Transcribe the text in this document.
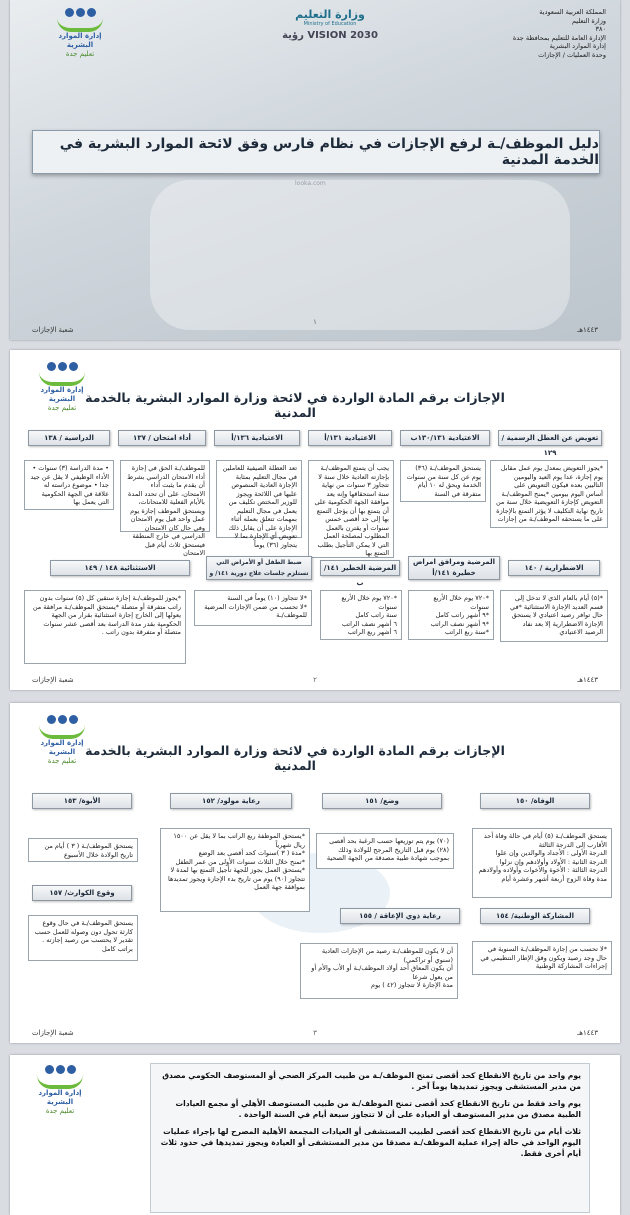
المملكة العربية السعودية
وزارة التعليم
٣٨٠
الإدارة العامة للتعليم بمحافظة جدة
إدارة الموارد البشرية
وحدة العمليات / الإجازات
وزارة التعليم
Ministry of Education
رؤية VISION 2030
إدارة الموارد البشرية
تعليم جدة
دليل الموظف/ـة لرفع الإجازات في نظام فارس وفق لائحة الموارد البشرية في الخدمة المدنية
looka.com
١
١٤٤٣هـ
شعبة الإجازات
إدارة الموارد البشرية
تعليم جدة
الإجازات برقم المادة الواردة في لائحة وزارة الموارد البشرية بالخدمة المدنية
تعويض عن العطل الرسمية / ١٢٩
الاعتيادية ١٣٠/١٣١ب
الاعتيادية ١٣١/أ
الاعتيادية ١٣٦/أ
أداء امتحان / ١٣٧
الدراسية / ١٣٨
*يجوز التعويض بمعدل يوم عمل مقابل يوم إجازة، عدا يوم العيد واليومين التاليين بعده فيكون التعويض على أساس اليوم بيومين *يمنح الموظف/ـة التعويض كإجازة التعويضية خلال سنة من تاريخ نهاية التكليف لا يؤثر التمتع بالإجازة على ما يستحقه الموظف/ـة من إجازات
يستحق الموظف/ـة (٣٦) يوم عن كل سنة من سنوات الخدمة ويحق له ١٠ أيام متفرقة في السنة
يجب أن يتمتع الموظف/ـة بإجازته العادية خلال سنة لا تتجاوز ٣ سنوات من نهاية سنة استحقاقها وإنه يعد موافقة الجهة الحكومية على أن يتمتع بها أن يؤجل التمتع بها إلى حد أقصى خمس سنوات أو يقترن بالعمل المطلوب لمصلحة العمل التي لا يمكن التأجيل بطلب التمتع بها
تعد العطلة الصيفية للعاملين في مجال التعليم بمثابة الإجازة العادية المنصوص عليها في اللائحة ويجوز للوزير المختص تكليف من يعمل في مجال التعليم بمهمات تتعلق بعمله أثناء الإجازة على أن يقابل ذلك تعويض أي الإجازة بما لا يتجاوز (٣٦) يوماً
للموظف/ـة الحق في إجازة أداء الامتحان الدراسي بشرط أن يقدم ما يثبت أداء الامتحان، على أن تحدد المدة بالأيام الفعلية للامتحانات، ويستحق الموظف إجازة يوم عمل واحد قبل يوم الامتحان وفي حال كان الامتحان الدراسي في خارج المنطقة فيستحق ثلاث أيام قبل الامتحان
• مدة الدراسة (٣) سنوات • الأداء الوظيفي لا يقل عن جيد جدا • موضوع دراسته له علاقة في الجهة الحكومية التي يعمل بها
الاضطرارية / ١٤٠
المرضية ومرافق امراض خطيرة ١٤١/أ
المرضية الخطير ١٤١/ب
ضبط الطفل أو الأمراض التي تستلزم جلسات علاج دورية ١٤١/ و
الاستثنائية ١٤٨ / ١٤٩
*(٥) أيام بالعام الذي لا تدخل إلى قسم العديد الإجازة الاستثنائية *في حال توافر رصيد اعتيادي لا يستحق الإجازة الاضطرارية إلا بعد نفاد الرصيد الاعتيادي
*٧٢٠ يوم خلال الأربع سنوات
*٩ أشهر راتب كامل
*٩ أشهر نصف الراتب
*سنة ربع الراتب
*٧٢٠ يوم خلال الأربع سنوات
سنة راتب كامل
٦ أشهر نصف الراتب
٦ أشهر ربع الراتب
*لا تتجاوز (١٠) يوماً في السنة
*لا تحسب من ضمن الإجازات المرضية للموظف/ـة
*يجوز للموظف/ـة إجازة ستقين كل (٥) سنوات بدون راتب متفرقة أو متصلة *يستحق الموظف/ـة مرافقة من يعولها إلى الخارج إجازة استثنائية بقرار من الجهة الحكومية بقدر مدة الدراسة بعد أقصى عشر سنوات متصلة أو متفرقة بدون راتب .
١٤٤٣هـ
٢
شعبة الإجازات
إدارة الموارد البشرية
تعليم جدة
الإجازات برقم المادة الواردة في لائحة وزارة الموارد البشرية بالخدمة المدنية
الوفاة/ ١٥٠
وضع/ ١٥١
رعاية مولود/ ١٥٢
الأبوة/ ١٥٣
يستحق الموظف/ـة (٥) أيام في حالة وفاة أحد الأقارب إلى الدرجة الثالثة
الدرجة الأولى : الأجداد والوالدين وإن علوا
الدرجة الثانية : الأولاد وأولادهم وإن نزلوا
الدرجة الثالثة : الأخوة والأخوات وأولاده وأولادهم
مدة وفاة الزوج أربعة أشهر وعشرة أيام
(٧٠) يوم يتم توزيعها حسب الرغبة بحد أقصى (٢٨) يوم قبل التاريخ المرجح للولادة وذلك بموجب شهادة طبية مصدقة من الجهة الصحية
*يستحق الموظفة ربع الراتب بما لا يقل عن ١٥٠٠ ريال شهرياً
*مدة ( ٣ )سنوات كحد أقصى بعد الوضع
*تمنح خلال الثلاث سنوات الأولى من عمر الطفل
*يستحق العمل بجوز للجهة تأجيل التمتع بها لمدة لا تتجاوز (٩٠) يوم من تاريخ بدء الإجازة ويجوز تمديدها بموافقة جهة العمل
يستحق الموظف/ـة ( ٣ ) أيام من تاريخ الولادة خلال الأسبوع
المشاركة الوطنية/ ١٥٤
رعاية ذوي الإعاقة / ١٥٥
وقوع الكوارث/ ١٥٧
*لا تحسب من إجازة الموظف/ـة السنوية في حال وجد رصيد ويكون وفق الإطار التنظيمي في إجراءات المشاركة الوطنية
أن لا يكون للموظف/ـة رصيد من الإجازات العادية (سنوي أو تراكمي)
أن يكون المعاق أحد أولاد الموظف/ـة أو الأب والأم أو من يعول شرعا
مدة الإجازة لا تتجاوز (٤٢ ) يوم
يستحق الموظف/ـة في حال وقوع كارثة تحول دون وصوله للعمل حسب تقدير لا يحتسب من رصيد إجازته . براتب كامل
١٤٤٣هـ
٣
شعبة الإجازات
إدارة الموارد البشرية
تعليم جدة

يوم واحد من تاريخ الانقطاع كحد أقصى تمنح الموظف/ـة من طبيب المركز الصحي أو المستوصف الحكومي مصدق من مدير المستشفى ويجوز تمديدها يوماً آخر .

يوم واحد فقط من تاريخ الانقطاع كحد أقصى تمنح الموظف/ـة من طبيب المستوصف الأهلي أو مجمع العيادات الطبية مصدق من مدير المستوصف أو العيادة على أن لا تتجاوز سبعة أيام في السنة الواحدة .

ثلاث أيام من تاريخ الانقطاع كحد أقصى لطبيب المستشفى أو العيادات المجمعة الأهلية المصرح لها بإجراء عمليات اليوم الواحد في حالة إجراء عملية الموظف/ـة مصدقا من مدير المستشفى أو العيادة ويجوز تمديدها في حدود ثلاث أيام أخرى فقط.
